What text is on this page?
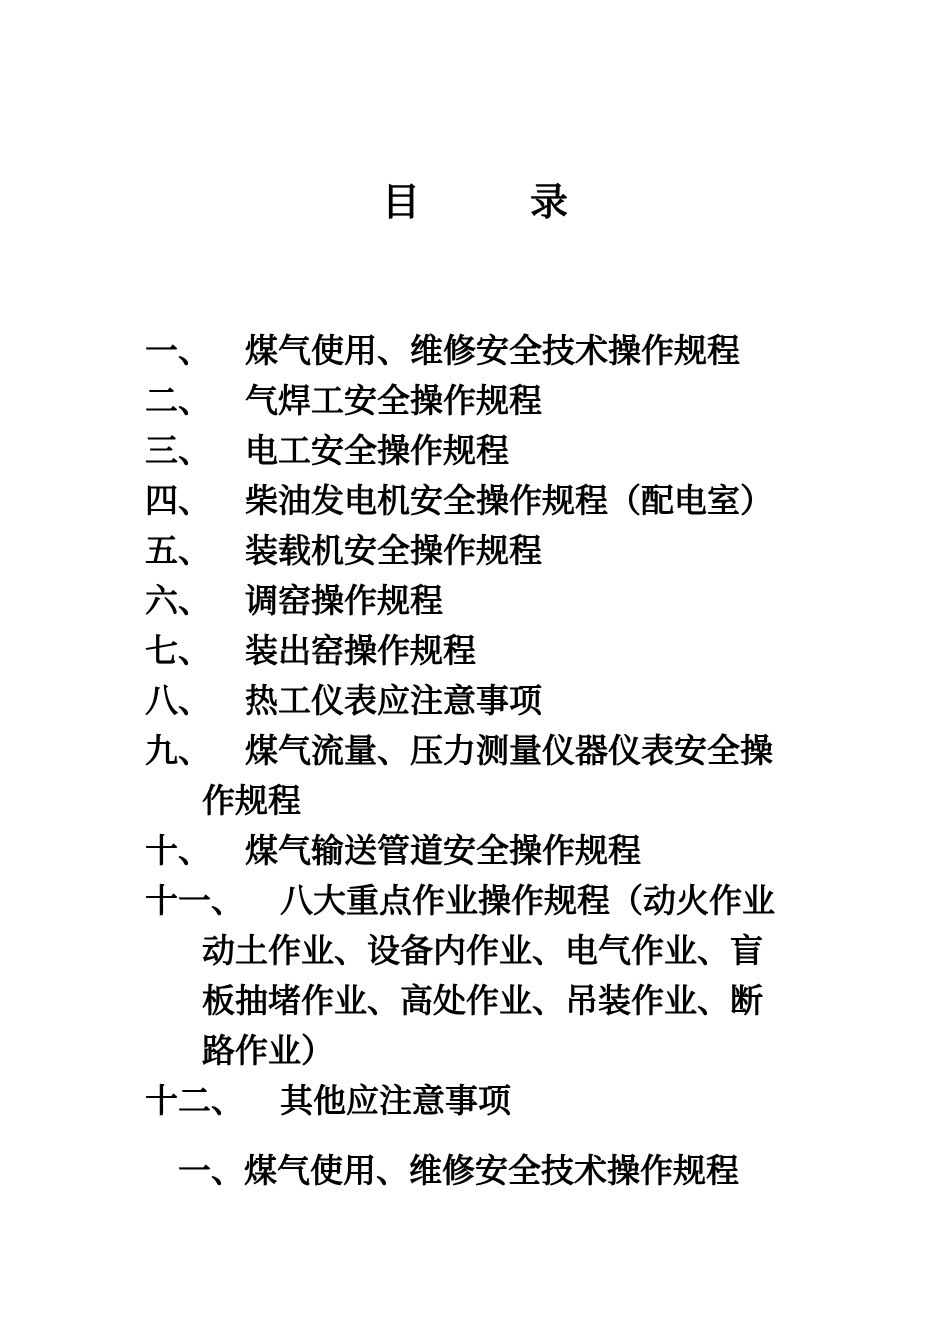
目	录
一、 煤气使用、维修安全技术操作规程
二、 气焊工安全操作规程
三、 电工安全操作规程
四、 柴油发电机安全操作规程（配电室）
五、 装载机安全操作规程
六、 调窑操作规程
七、 装出窑操作规程
八、 热工仪表应注意事项
九、 煤气流量、压力测量仪器仪表安全操
作规程
十、 煤气输送管道安全操作规程
十一、 八大重点作业操作规程（动火作业
动土作业、设备内作业、电气作业、盲
板抽堵作业、高处作业、吊装作业、断
路作业）
十二、 其他应注意事项
一、煤气使用、维修安全技术操作规程
